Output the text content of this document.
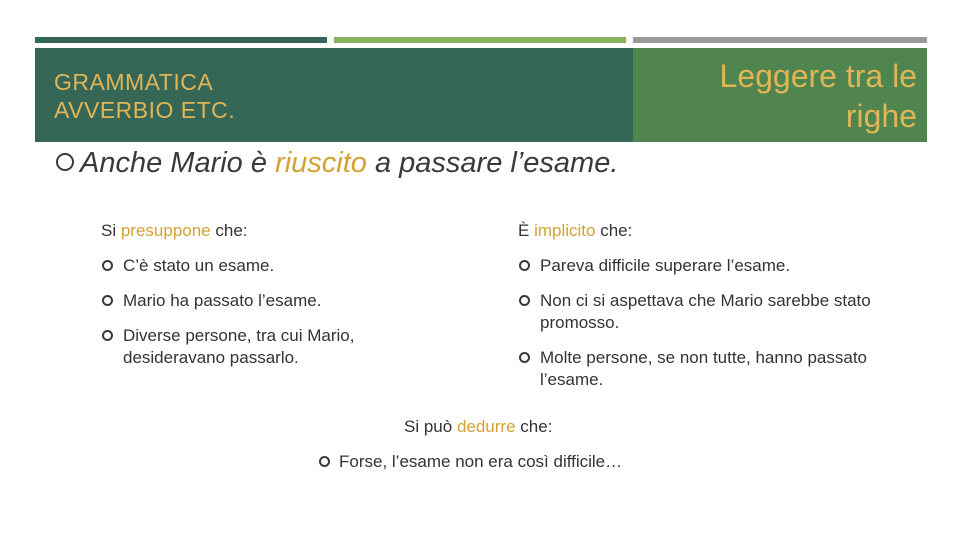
GRAMMATICA
AVVERBIO ETC.
Leggere tra le
righe
Anche Mario è riuscito a passare l’esame.
Si presuppone che:
C’è stato un esame.
Mario ha passato l’esame.
Diverse persone, tra cui Mario, desideravano passarlo.
È implicito che:
Pareva difficile superare l’esame.
Non ci si aspettava che Mario sarebbe stato promosso.
Molte persone, se non tutte, hanno passato l’esame.
Si può dedurre che:
Forse, l’esame non era così difficile…
